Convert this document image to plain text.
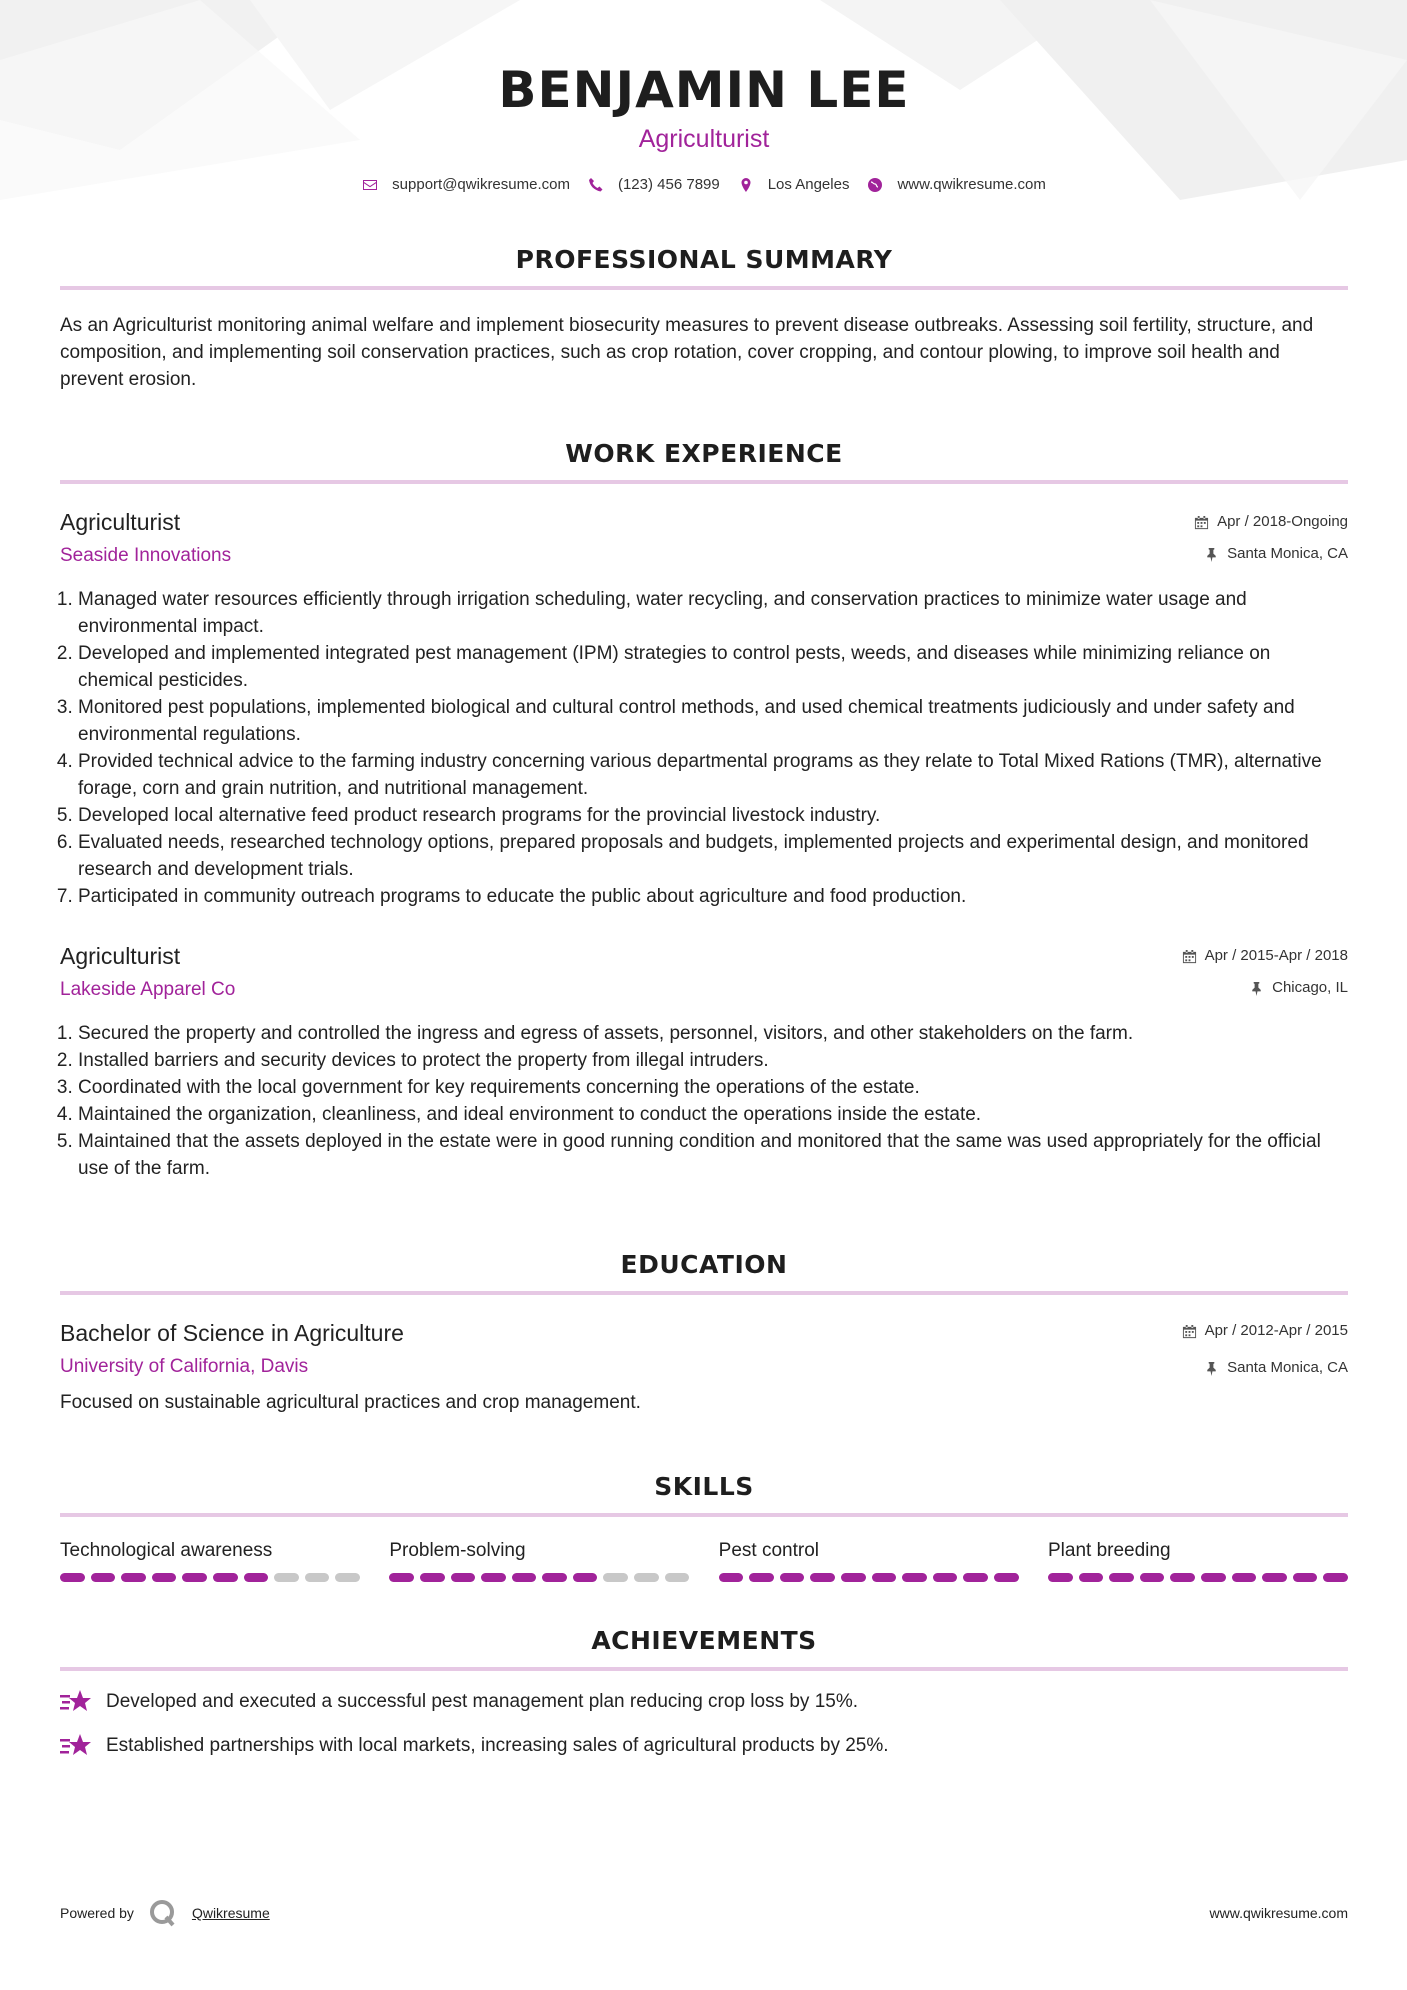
BENJAMIN LEE
Agriculturist
support@qwikresume.com	(123) 456 7899	Los Angeles	www.qwikresume.com
PROFESSIONAL SUMMARY
As an Agriculturist monitoring animal welfare and implement biosecurity measures to prevent disease outbreaks. Assessing soil fertility, structure, and composition, and implementing soil conservation practices, such as crop rotation, cover cropping, and contour plowing, to improve soil health and prevent erosion.
WORK EXPERIENCE
Agriculturist
Seaside Innovations
Apr / 2018-Ongoing
Santa Monica, CA
1. Managed water resources efficiently through irrigation scheduling, water recycling, and conservation practices to minimize water usage and environmental impact.
2. Developed and implemented integrated pest management (IPM) strategies to control pests, weeds, and diseases while minimizing reliance on chemical pesticides.
3. Monitored pest populations, implemented biological and cultural control methods, and used chemical treatments judiciously and under safety and environmental regulations.
4. Provided technical advice to the farming industry concerning various departmental programs as they relate to Total Mixed Rations (TMR), alternative forage, corn and grain nutrition, and nutritional management.
5. Developed local alternative feed product research programs for the provincial livestock industry.
6. Evaluated needs, researched technology options, prepared proposals and budgets, implemented projects and experimental design, and monitored research and development trials.
7. Participated in community outreach programs to educate the public about agriculture and food production.
Agriculturist
Lakeside Apparel Co
Apr / 2015-Apr / 2018
Chicago, IL
1. Secured the property and controlled the ingress and egress of assets, personnel, visitors, and other stakeholders on the farm.
2. Installed barriers and security devices to protect the property from illegal intruders.
3. Coordinated with the local government for key requirements concerning the operations of the estate.
4. Maintained the organization, cleanliness, and ideal environment to conduct the operations inside the estate.
5. Maintained that the assets deployed in the estate were in good running condition and monitored that the same was used appropriately for the official use of the farm.
EDUCATION
Bachelor of Science in Agriculture
University of California, Davis
Apr / 2012-Apr / 2015
Santa Monica, CA
Focused on sustainable agricultural practices and crop management.
SKILLS
Technological awareness	Problem-solving	Pest control	Plant breeding
ACHIEVEMENTS
Developed and executed a successful pest management plan reducing crop loss by 15%.
Established partnerships with local markets, increasing sales of agricultural products by 25%.
Powered by	Qwikresume	www.qwikresume.com
